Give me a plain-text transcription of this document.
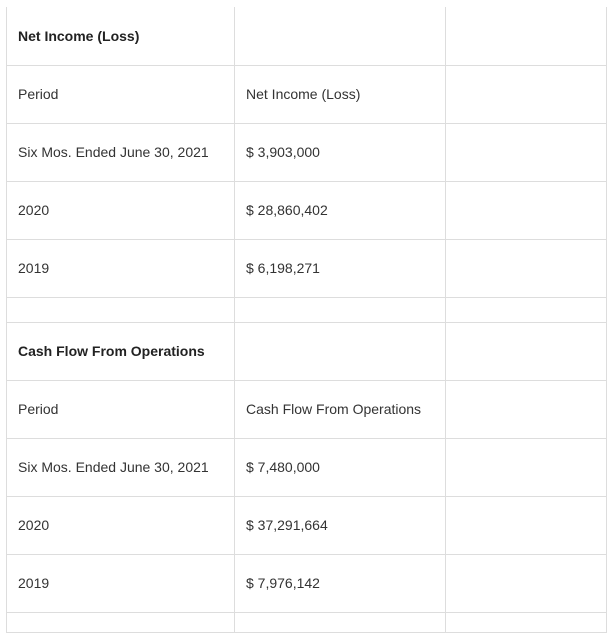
Net Income (Loss)		
Period	Net Income (Loss)	
Six Mos. Ended June 30, 2021	$ 3,903,000	
2020	$ 28,860,402	
2019	$ 6,198,271	

Cash Flow From Operations		
Period	Cash Flow From Operations	
Six Mos. Ended June 30, 2021	$ 7,480,000	
2020	$ 37,291,664	
2019	$ 7,976,142	
